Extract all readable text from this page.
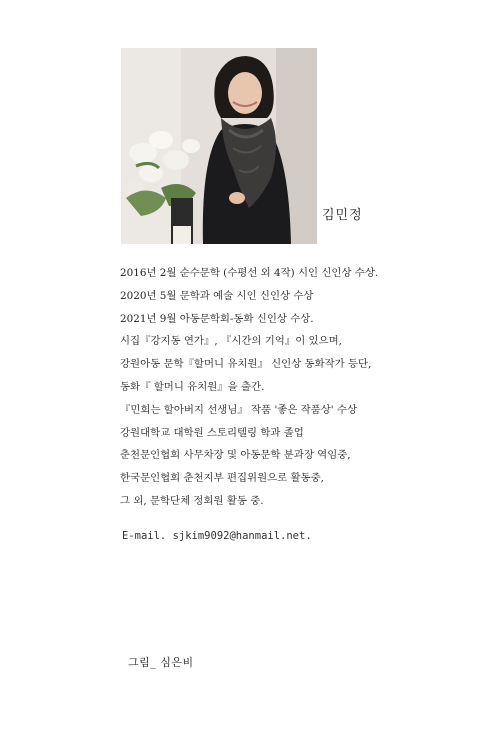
김민정
2016년 2월 순수문학 (수평선 외 4작) 시인 신인상 수상.
2020년 5월 문학과 예술 시인 신인상 수상
2021년 9월 아동문학회-동화 신인상 수상.
시집『강지동 연가』, 『시간의 기억』이 있으며,
강원아동 문학『할머니 유치원』 신인상 동화작가 등단,
동화『 할머니 유치원』을 출간.
『민희는 할아버지 선생님』 작품 '좋은 작품상' 수상
강원대학교 대학원 스토리텔링 학과 졸업
춘천문인협회 사무차장 및 아동문학 분과장 역임중,
한국문인협회 춘천지부 편집위원으로 활동중,
그 외, 문학단체 정회원 활동 중.
E-mail. sjkim9092@hanmail.net.
그림_ 심은비
